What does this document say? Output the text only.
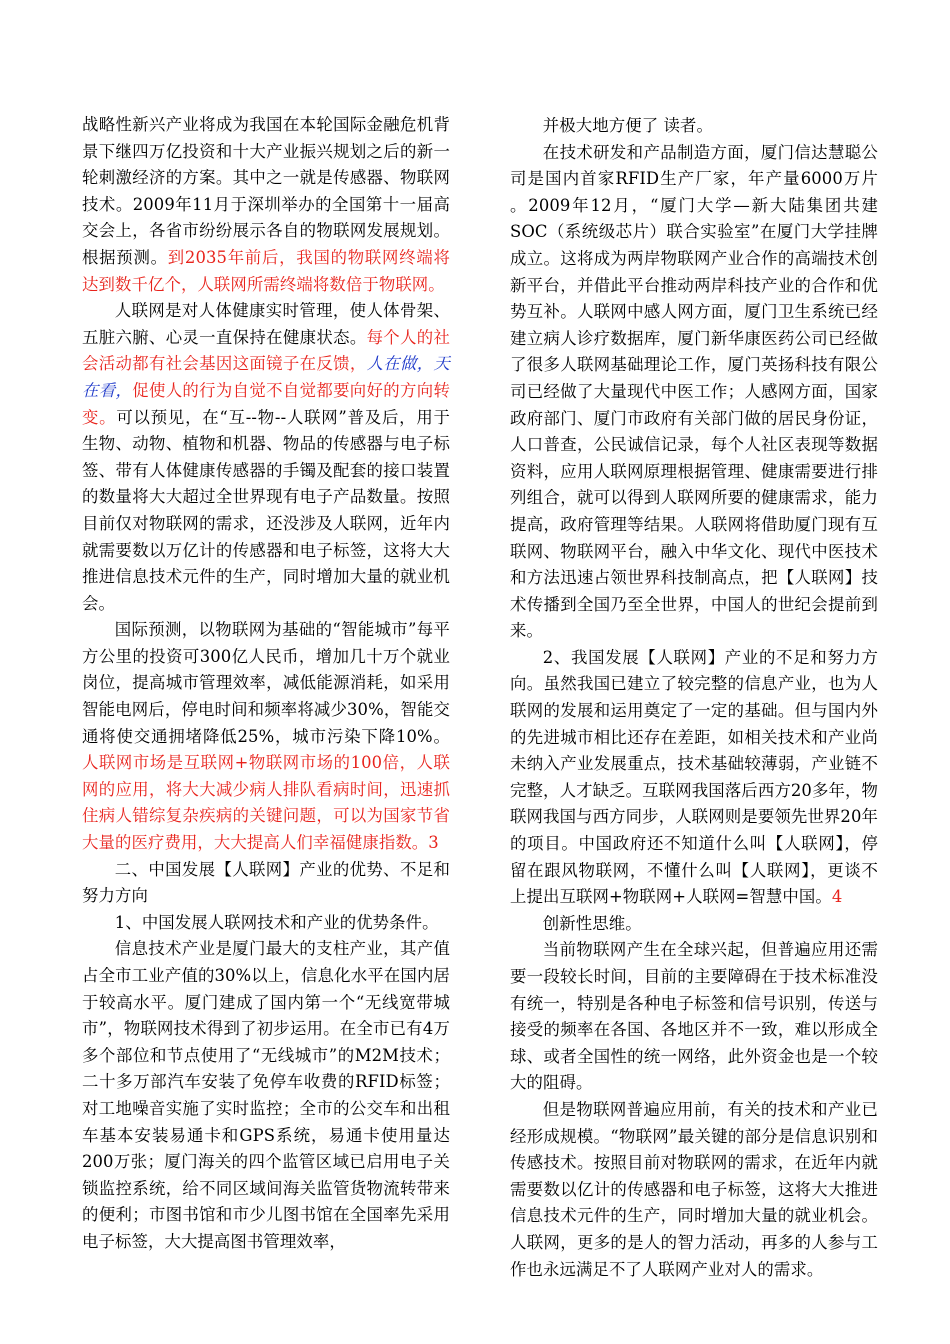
战略性新兴产业将成为我国在本轮国际金融危机背景下继四万亿投资和十大产业振兴规划之后的新一轮刺激经济的方案。其中之一就是传感器、物联网技术。2009年11月于深圳举办的全国第十一届高交会上，各省市纷纷展示各自的物联网发展规划。根据预测。到2035年前后，我国的物联网终端将达到数千亿个，人联网所需终端将数倍于物联网。

人联网是对人体健康实时管理，使人体骨架、五脏六腑、心灵一直保持在健康状态。每个人的社会活动都有社会基因这面镜子在反馈，人在做，天在看，促使人的行为自觉不自觉都要向好的方向转变。可以预见，在“互--物--人联网”普及后，用于生物、动物、植物和机器、物品的传感器与电子标签、带有人体健康传感器的手镯及配套的接口装置的数量将大大超过全世界现有电子产品数量。按照目前仅对物联网的需求，还没涉及人联网，近年内就需要数以万亿计的传感器和电子标签，这将大大推进信息技术元件的生产，同时增加大量的就业机会。

国际预测，以物联网为基础的“智能城市”每平方公里的投资可300亿人民币，增加几十万个就业岗位，提高城市管理效率，减低能源消耗，如采用智能电网后，停电时间和频率将减少30%，智能交通将使交通拥堵降低25%，城市污染下降10%。人联网市场是互联网+物联网市场的100倍，人联网的应用，将大大减少病人排队看病时间，迅速抓住病人错综复杂疾病的关键问题，可以为国家节省大量的医疗费用，大大提高人们幸福健康指数。3

二、中国发展【人联网】产业的优势、不足和努力方向

1、中国发展人联网技术和产业的优势条件。

信息技术产业是厦门最大的支柱产业，其产值占全市工业产值的30%以上，信息化水平在国内居于较高水平。厦门建成了国内第一个“无线宽带城市”，物联网技术得到了初步运用。在全市已有4万多个部位和节点使用了“无线城市”的M2M技术；二十多万部汽车安装了免停车收费的RFID标签；对工地噪音实施了实时监控；全市的公交车和出租车基本安装易通卡和GPS系统，易通卡使用量达200万张；厦门海关的四个监管区域已启用电子关锁监控系统，给不同区域间海关监管货物流转带来的便利；市图书馆和市少儿图书馆在全国率先采用电子标签，大大提高图书管理效率，

并极大地方便了 读者。

在技术研发和产品制造方面，厦门信达慧聪公司是国内首家RFID生产厂家，年产量6000万片 。2009年12月，“厦门大学—新大陆集团共建SOC（系统级芯片）联合实验室”在厦门大学挂牌成立。这将成为两岸物联网产业合作的高端技术创新平台，并借此平台推动两岸科技产业的合作和优势互补。人联网中感人网方面，厦门卫生系统已经建立病人诊疗数据库，厦门新华康医药公司已经做了很多人联网基础理论工作，厦门英扬科技有限公司已经做了大量现代中医工作；人感网方面，国家政府部门、厦门市政府有关部门做的居民身份证，人口普查，公民诚信记录，每个人社区表现等数据资料，应用人联网原理根据管理、健康需要进行排列组合，就可以得到人联网所要的健康需求，能力提高，政府管理等结果。人联网将借助厦门现有互联网、物联网平台，融入中华文化、现代中医技术和方法迅速占领世界科技制高点，把【人联网】技术传播到全国乃至全世界，中国人的世纪会提前到来。

2、我国发展【人联网】产业的不足和努力方向。虽然我国已建立了较完整的信息产业，也为人联网的发展和运用奠定了一定的基础。但与国内外的先进城市相比还存在差距，如相关技术和产业尚未纳入产业发展重点，技术基础较薄弱，产业链不完整，人才缺乏。互联网我国落后西方20多年，物联网我国与西方同步，人联网则是要领先世界20年的项目。中国政府还不知道什么叫【人联网】，停留在跟风物联网，不懂什么叫【人联网】，更谈不上提出互联网+物联网+人联网=智慧中国。4

创新性思维。

当前物联网产生在全球兴起，但普遍应用还需要一段较长时间，目前的主要障碍在于技术标准没有统一，特别是各种电子标签和信号识别，传送与接受的频率在各国、各地区并不一致，难以形成全球、或者全国性的统一网络，此外资金也是一个较大的阻碍。

但是物联网普遍应用前，有关的技术和产业已经形成规模。“物联网”最关键的部分是信息识别和传感技术。按照目前对物联网的需求，在近年内就需要数以亿计的传感器和电子标签，这将大大推进信息技术元件的生产，同时增加大量的就业机会。人联网，更多的是人的智力活动，再多的人参与工作也永远满足不了人联网产业对人的需求。
